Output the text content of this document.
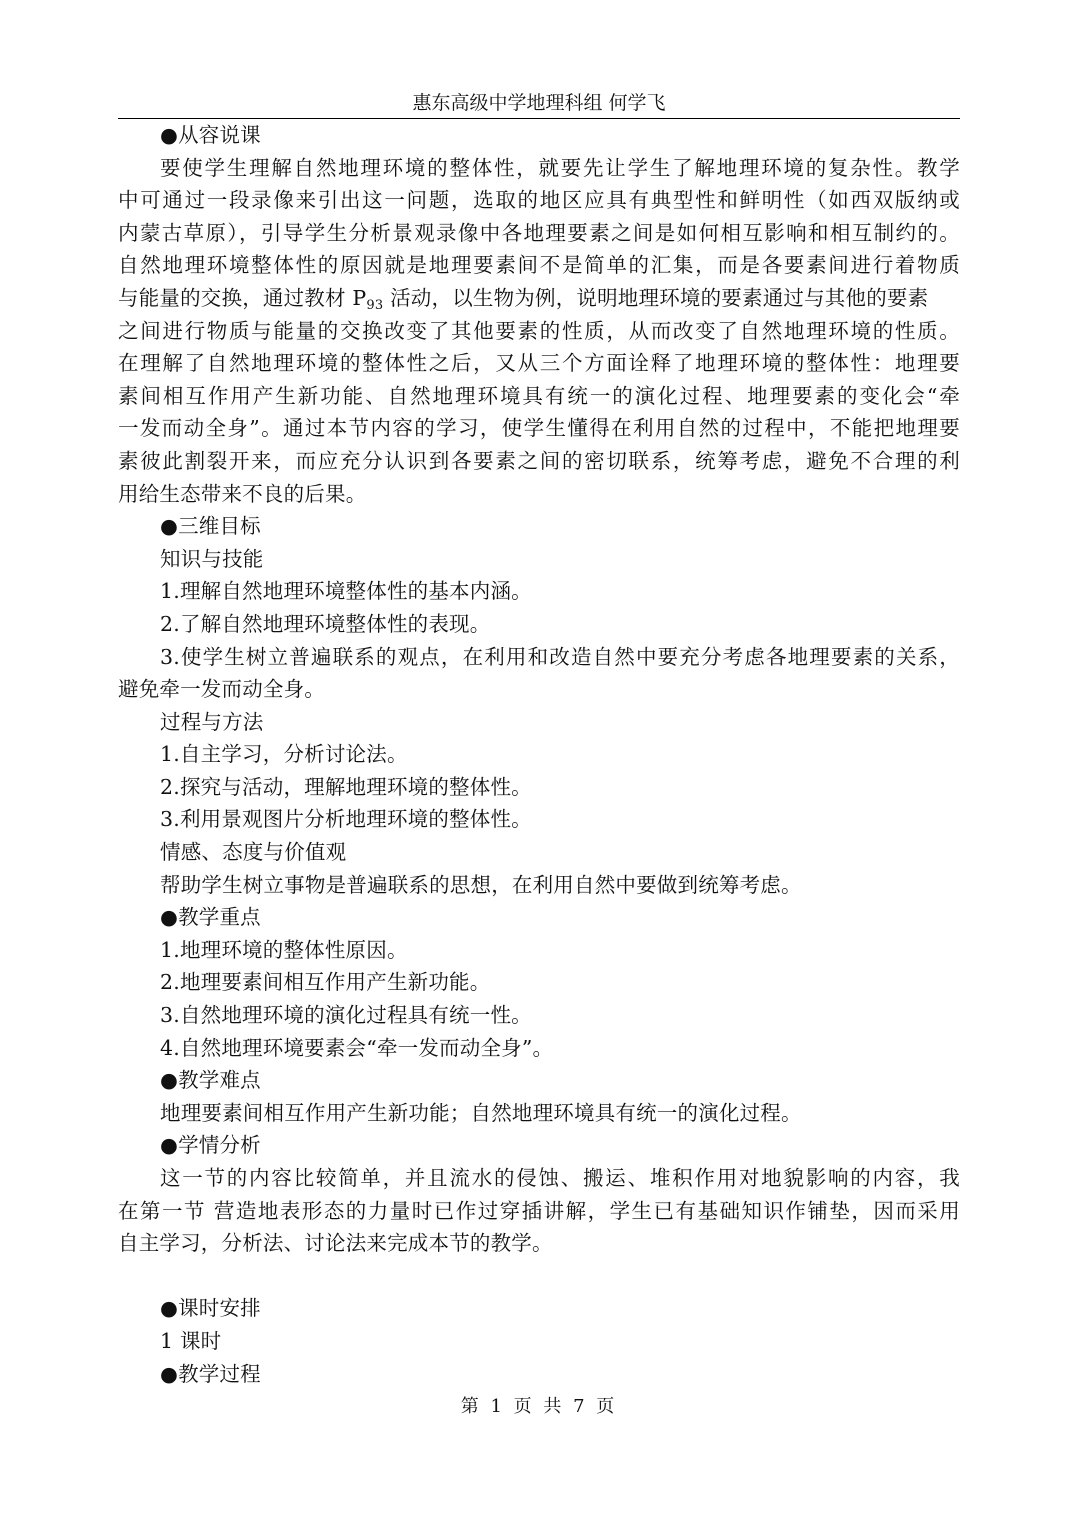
惠东高级中学地理科组 何学飞
●从容说课
要使学生理解自然地理环境的整体性，就要先让学生了解地理环境的复杂性。教学
中可通过一段录像来引出这一问题，选取的地区应具有典型性和鲜明性（如西双版纳或
内蒙古草原），引导学生分析景观录像中各地理要素之间是如何相互影响和相互制约的。
自然地理环境整体性的原因就是地理要素间不是简单的汇集，而是各要素间进行着物质
与能量的交换，通过教材 $P_{93}$ 活动，以生物为例，说明地理环境的要素通过与其他的要素
之间进行物质与能量的交换改变了其他要素的性质，从而改变了自然地理环境的性质。
在理解了自然地理环境的整体性之后，又从三个方面诠释了地理环境的整体性：地理要
素间相互作用产生新功能、自然地理环境具有统一的演化过程、地理要素的变化会“牵
一发而动全身”。通过本节内容的学习，使学生懂得在利用自然的过程中，不能把地理要
素彼此割裂开来，而应充分认识到各要素之间的密切联系，统筹考虑，避免不合理的利
用给生态带来不良的后果。
●三维目标
知识与技能
1.理解自然地理环境整体性的基本内涵。
2.了解自然地理环境整体性的表现。
3.使学生树立普遍联系的观点，在利用和改造自然中要充分考虑各地理要素的关系，
避免牵一发而动全身。
过程与方法
1.自主学习，分析讨论法。
2.探究与活动，理解地理环境的整体性。
3.利用景观图片分析地理环境的整体性。
情感、态度与价值观
帮助学生树立事物是普遍联系的思想，在利用自然中要做到统筹考虑。
●教学重点
1.地理环境的整体性原因。
2.地理要素间相互作用产生新功能。
3.自然地理环境的演化过程具有统一性。
4.自然地理环境要素会“牵一发而动全身”。
●教学难点
地理要素间相互作用产生新功能；自然地理环境具有统一的演化过程。
●学情分析
这一节的内容比较简单，并且流水的侵蚀、搬运、堆积作用对地貌影响的内容，我
在第一节 营造地表形态的力量时已作过穿插讲解，学生已有基础知识作铺垫，因而采用
自主学习，分析法、讨论法来完成本节的教学。
●课时安排
1 课时
●教学过程
第 1 页 共 7 页
